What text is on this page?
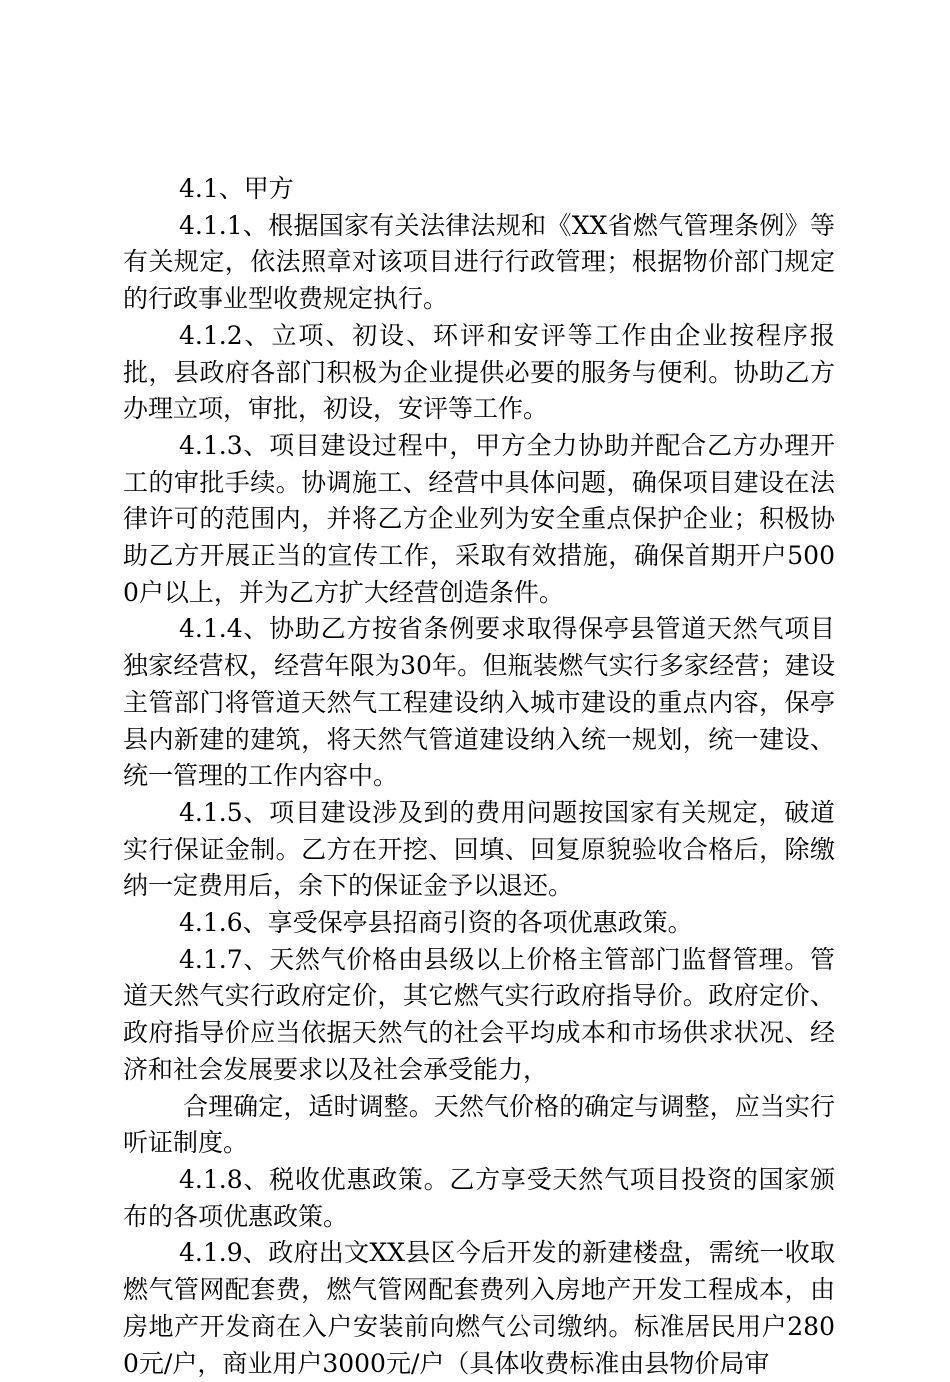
4.1、甲方

4.1.1、根据国家有关法律法规和《XX省燃气管理条例》等有关规定，依法照章对该项目进行行政管理；根据物价部门规定的行政事业型收费规定执行。

4.1.2、立项、初设、环评和安评等工作由企业按程序报批，县政府各部门积极为企业提供必要的服务与便利。协助乙方办理立项，审批，初设，安评等工作。

4.1.3、项目建设过程中，甲方全力协助并配合乙方办理开工的审批手续。协调施工、经营中具体问题，确保项目建设在法律许可的范围内，并将乙方企业列为安全重点保护企业；积极协助乙方开展正当的宣传工作，采取有效措施，确保首期开户5000户以上，并为乙方扩大经营创造条件。

4.1.4、协助乙方按省条例要求取得保亭县管道天然气项目独家经营权，经营年限为30年。但瓶装燃气实行多家经营；建设主管部门将管道天然气工程建设纳入城市建设的重点内容，保亭县内新建的建筑，将天然气管道建设纳入统一规划，统一建设、统一管理的工作内容中。

4.1.5、项目建设涉及到的费用问题按国家有关规定，破道实行保证金制。乙方在开挖、回填、回复原貌验收合格后，除缴纳一定费用后，余下的保证金予以退还。

4.1.6、享受保亭县招商引资的各项优惠政策。

4.1.7、天然气价格由县级以上价格主管部门监督管理。管道天然气实行政府定价，其它燃气实行政府指导价。政府定价、政府指导价应当依据天然气的社会平均成本和市场供求状况、经济和社会发展要求以及社会承受能力，

合理确定，适时调整。天然气价格的确定与调整，应当实行听证制度。

4.1.8、税收优惠政策。乙方享受天然气项目投资的国家颁布的各项优惠政策。

4.1.9、政府出文XX县区今后开发的新建楼盘，需统一收取燃气管网配套费，燃气管网配套费列入房地产开发工程成本，由房地产开发商在入户安装前向燃气公司缴纳。标准居民用户2800元/户，商业用户3000元/户（具体收费标准由县物价局审
